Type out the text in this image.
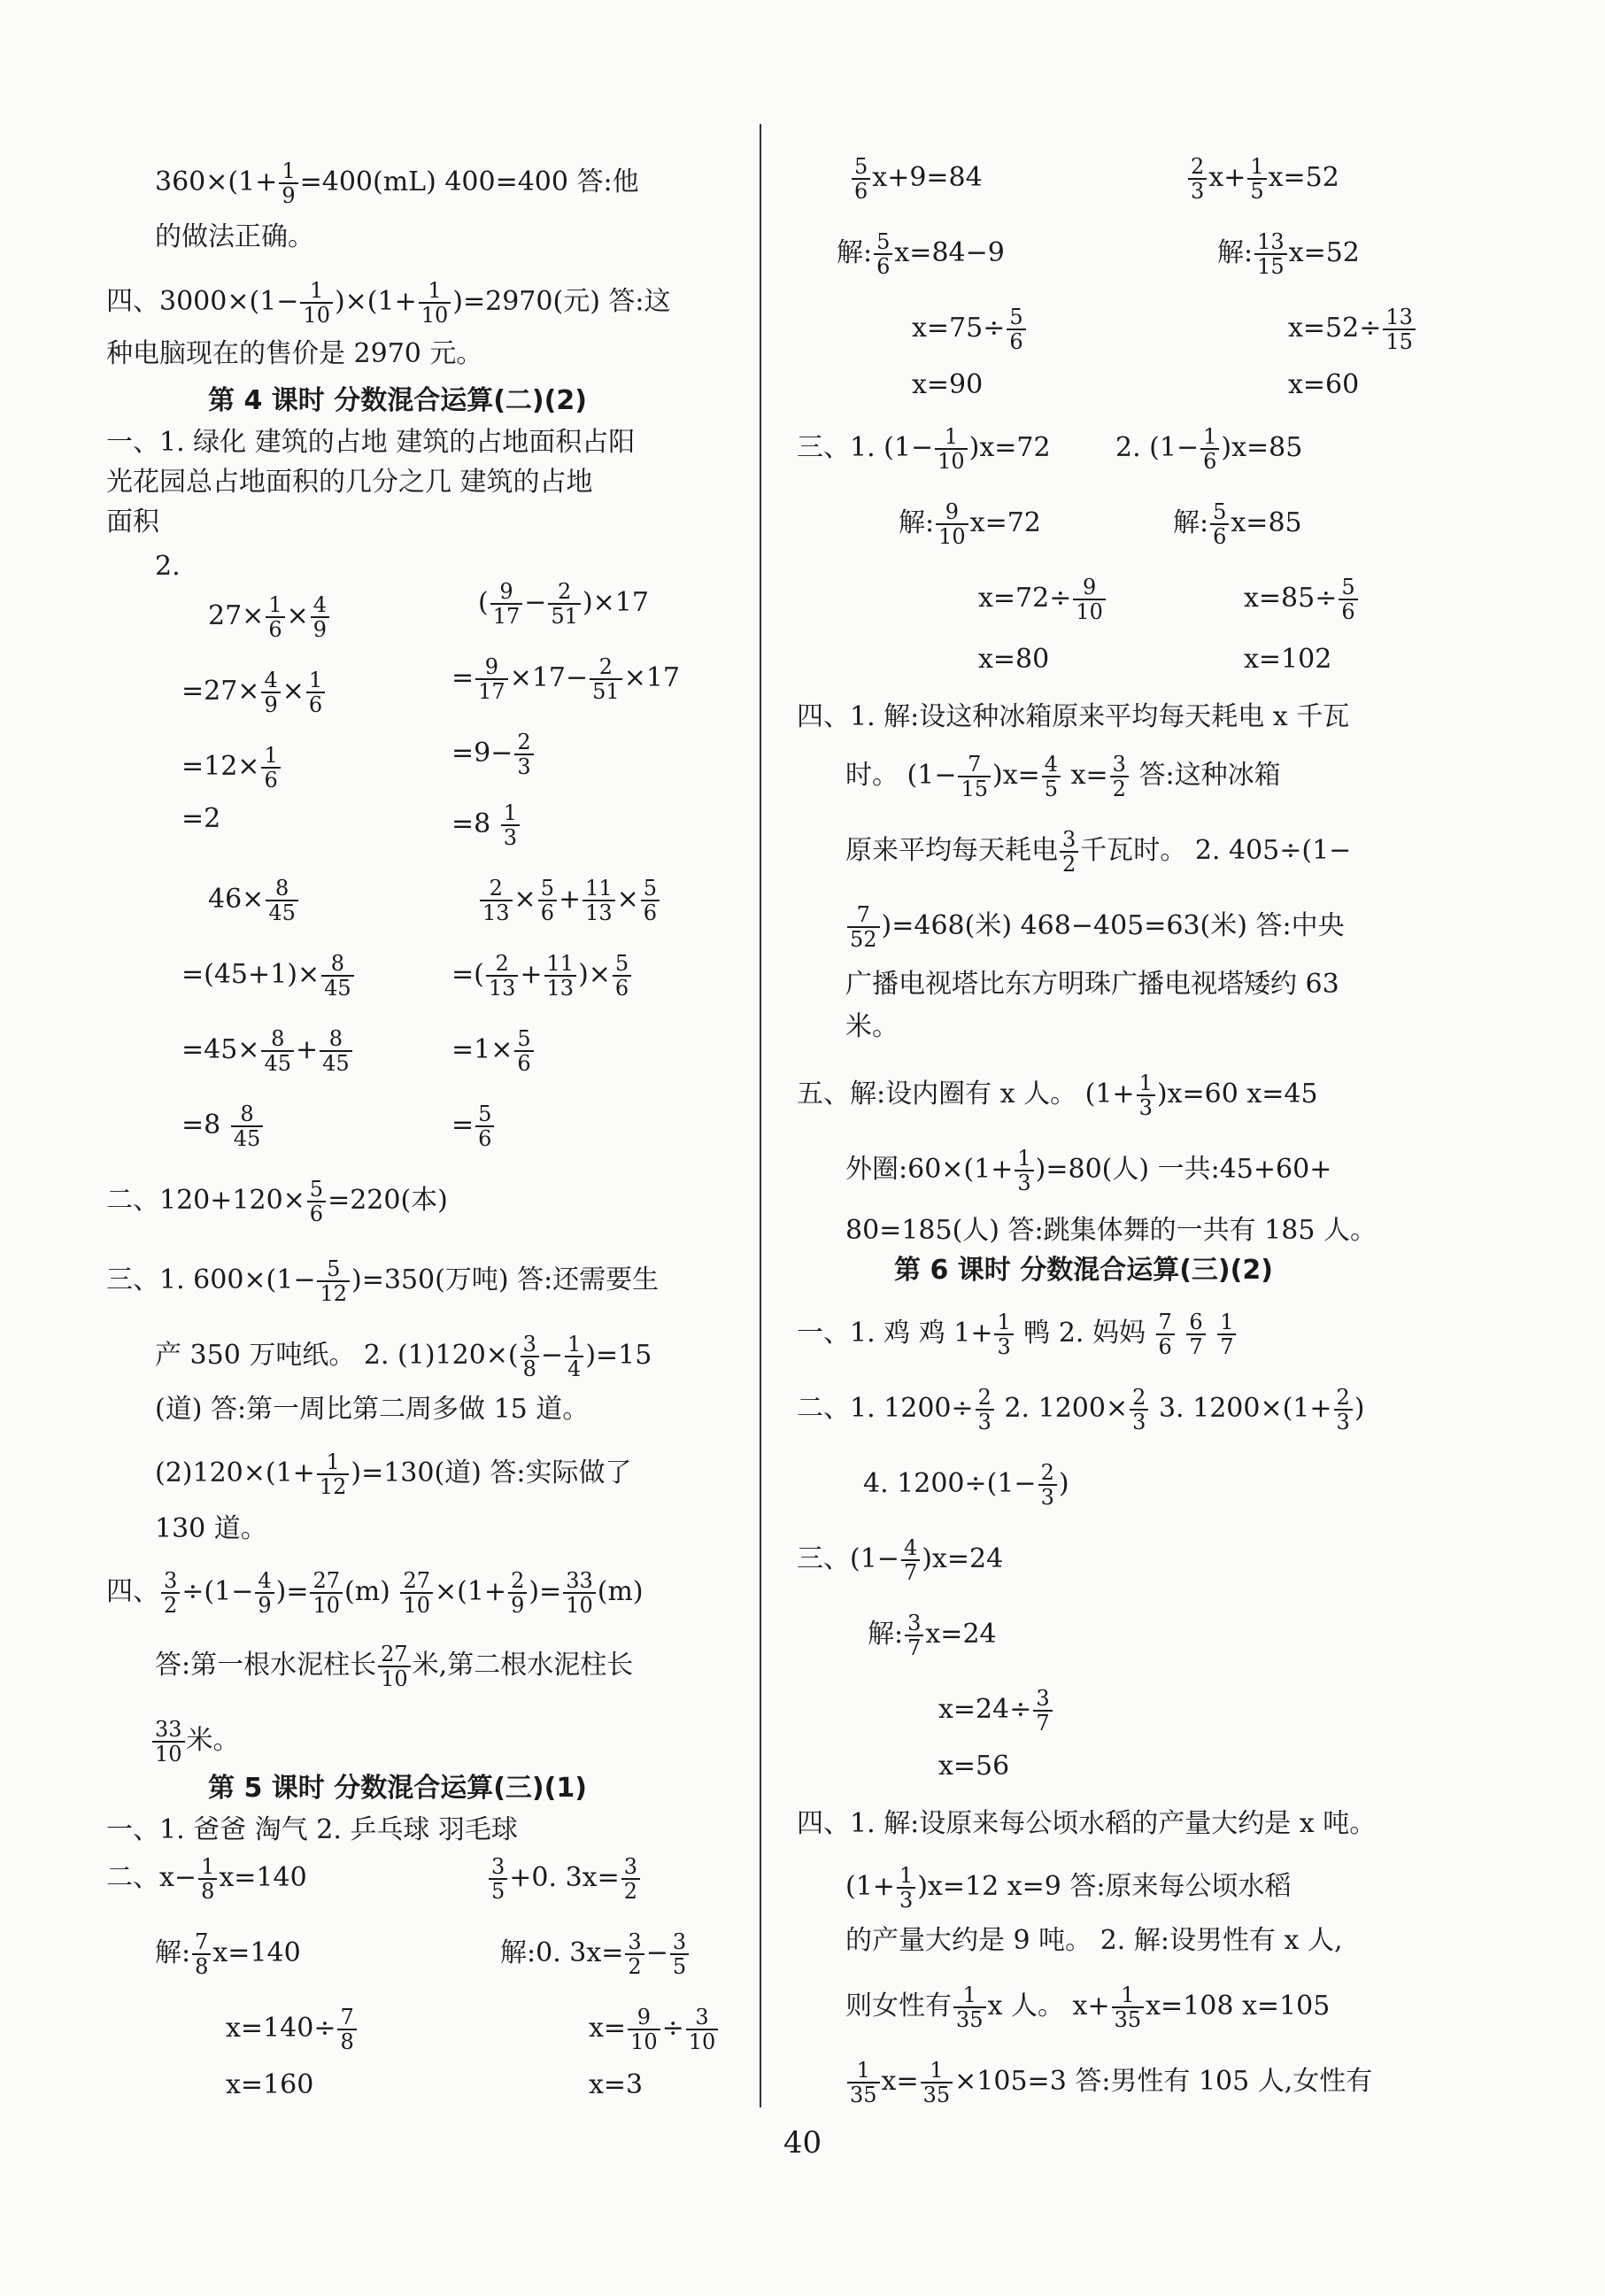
$360\times(1+ \frac{1}{9} =400(mL)$ 400=400 答:他
的做法正确。
四、$3000\times(1- \frac{1}{10} )\times(1+ \frac{1}{10} )=2970$(元) 答:这
种电脑现在的售价是 2970 元。
第 4 课时 分数混合运算(二)(2)
一、1. 绿化 建筑的占地 建筑的占地面积占阳
光花园总占地面积的几分之几 建筑的占地
面积
2.
$27\times \frac{1}{6} \times \frac{4}{9}$	( $\frac{9}{17} - \frac{2}{51} )\times 17$
$=27\times \frac{4}{9} \times \frac{1}{6}$	= $\frac{9}{17} \times 17- \frac{2}{51} \times 17$
$=12\times \frac{1}{6}$	$=9- \frac{2}{3}$
=2	$=8 \frac{1}{3}$
$46\times \frac{8}{45}$	$\frac{2}{13} \times \frac{5}{6} + \frac{11}{13} \times \frac{5}{6}$
$=(45+1)\times \frac{8}{45}$	=( $\frac{2}{13} + \frac{11}{13}$ )× $\frac{5}{6}$
$=45\times \frac{8}{45} + \frac{8}{45}$	$=1\times \frac{5}{6}$
$=8 \frac{8}{45}$	= $\frac{5}{6}$
二、$120+120\times \frac{5}{6} =220$(本)
三、1. $600\times(1- \frac{5}{12} )=350$(万吨) 答:还需要生
产 350 万吨纸。 2. $(1)120\times( \frac{3}{8} - \frac{1}{4} )=15$
(道) 答:第一周比第二周多做 15 道。
$(2)120\times(1+ \frac{1}{12} )=130$(道) 答:实际做了
130 道。
四、 $\frac{3}{2} \div(1- \frac{4}{9}$ )= $\frac{27}{10} (m) \frac{27}{10} \times(1+ \frac{2}{9}$ )= $\frac{33}{10} (m)$
答:第一根水泥柱长 $\frac{27}{10}$ 米,第二根水泥柱长
$\frac{33}{10}$ 米。
第 5 课时 分数混合运算(三)(1)
一、1. 爸爸 淘气 2. 乒乓球 羽毛球
二、$x- \frac{1}{8} x=140$	$\frac{3}{5} +0$. $3x= \frac{3}{2}$
解: $\frac{7}{8} x=140$	解:0. $3x= \frac{3}{2} - \frac{3}{5}$
$x=140\div \frac{7}{8}$	$x= \frac{9}{10} \div \frac{3}{10}$
x=160	x=3
$\frac{5}{6} x+9=84$	$\frac{2}{3} x+ \frac{1}{5} x=52$
解: $\frac{5}{6} x=84-9$	解: $\frac{13}{15} x=52$
$x=75\div \frac{5}{6}$	$x=52\div \frac{13}{15}$
x=90	x=60
三、1. $(1- \frac{1}{10} )x=72$ 2. $(1- \frac{1}{6} )x=85$
解: $\frac{9}{10} x=72$	解: $\frac{5}{6} x=85$
$x=72\div \frac{9}{10}$	$x=85\div \frac{5}{6}$
x=80	x=102
四、1. 解:设这种冰箱原来平均每天耗电 x 千瓦
时。 $(1- \frac{7}{15} )x= \frac{4}{5} x= \frac{3}{2}$ 答:这种冰箱
原来平均每天耗电 $\frac{3}{2}$ 千瓦时。 2. 405÷(1−
$\frac{7}{52} )=468$(米) 468−405=63(米) 答:中央
广播电视塔比东方明珠广播电视塔矮约 63
米。
五、解:设内圈有 x 人。 $(1+ \frac{1}{3} )x=60$ x=45
外圈:60×(1+ $\frac{1}{3} )=80$(人) 一共:45+60+
80=185(人) 答:跳集体舞的一共有 185 人。
第 6 课时 分数混合运算(三)(2)
一、1. 鸡 鸡 $1+ \frac{1}{3}$ 鸭 2. 妈妈 $\frac{7}{6}$
$\frac{6}{7}$
$\frac{1}{7}$
二、1. $1200\div \frac{2}{3} 2$. $1200\times \frac{2}{3} 3$. $1200\times(1+ \frac{2}{3}$ )
4. $1200\div(1- \frac{2}{3}$ )
三、$(1- \frac{4}{7} )x=24$
解: $\frac{3}{7} x=24$
$x=24\div \frac{3}{7}$
x=56
四、1. 解:设原来每公顷水稻的产量大约是 x 吨。
$(1+ \frac{1}{3} )x=12$ x=9 答:原来每公顷水稻
的产量大约是 9 吨。 2. 解:设男性有 x 人,
则女性有 $\frac{1}{35}$ x 人。 $x+ \frac{1}{35} x=108$ x=105
$\frac{1}{35} x= \frac{1}{35} \times 105=3$ 答:男性有 105 人,女性有
40
